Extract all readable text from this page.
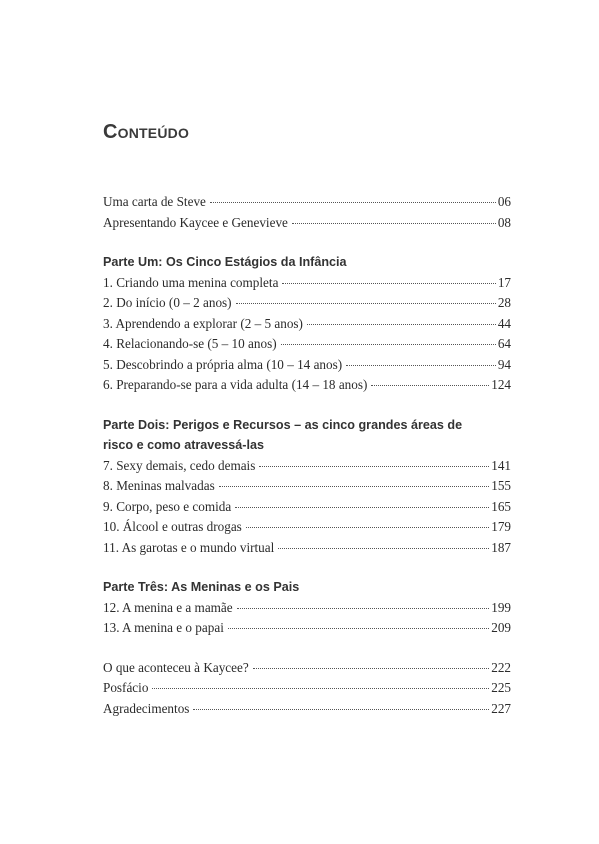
Conteúdo
Uma carta de Steve	06
Apresentando Kaycee e Genevieve	08
Parte Um: Os Cinco Estágios da Infância
1. Criando uma menina completa	17
2. Do início (0 – 2 anos)	28
3. Aprendendo a explorar (2 – 5 anos)	44
4. Relacionando-se (5 – 10 anos)	64
5. Descobrindo a própria alma (10 – 14 anos)	94
6. Preparando-se para a vida adulta (14 – 18 anos)	124
Parte Dois: Perigos e Recursos – as cinco grandes áreas de
risco e como atravessá-las
7. Sexy demais, cedo demais	141
8. Meninas malvadas	155
9. Corpo, peso e comida	165
10. Álcool e outras drogas	179
11. As garotas e o mundo virtual	187
Parte Três: As Meninas e os Pais
12. A menina e a mamãe	199
13. A menina e o papai	209
O que aconteceu à Kaycee?	222
Posfácio	225
Agradecimentos	227
